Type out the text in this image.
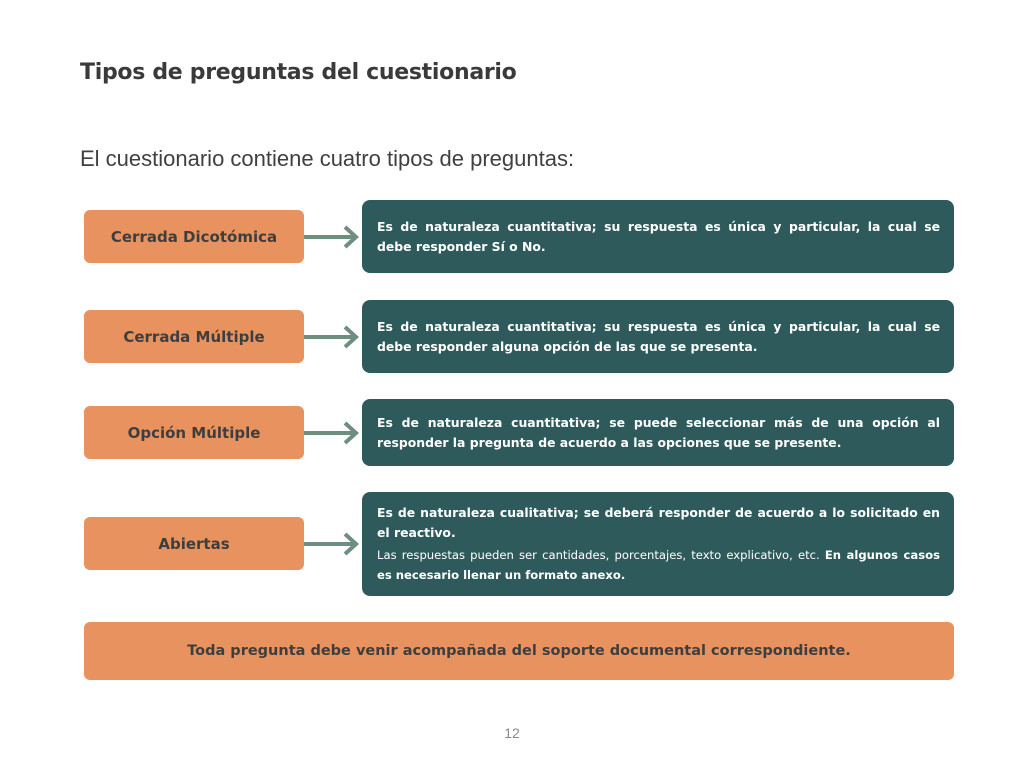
Tipos de preguntas del cuestionario
El cuestionario contiene cuatro tipos de preguntas:
Cerrada Dicotómica

Es de naturaleza cuantitativa; su respuesta es única y particular, la cual se debe responder Sí o No.

Cerrada Múltiple

Es de naturaleza cuantitativa; su respuesta es única y particular, la cual se debe responder alguna opción de las que se presenta.

Opción Múltiple

Es de naturaleza cuantitativa; se puede seleccionar más de una opción al responder la pregunta de acuerdo a las opciones que se presente.

Abiertas

Es de naturaleza cualitativa; se deberá responder de acuerdo a lo solicitado en el reactivo.

Las respuestas pueden ser cantidades, porcentajes, texto explicativo, etc. En algunos casos es necesario llenar un formato anexo.

Toda pregunta debe venir acompañada del soporte documental correspondiente.
12
